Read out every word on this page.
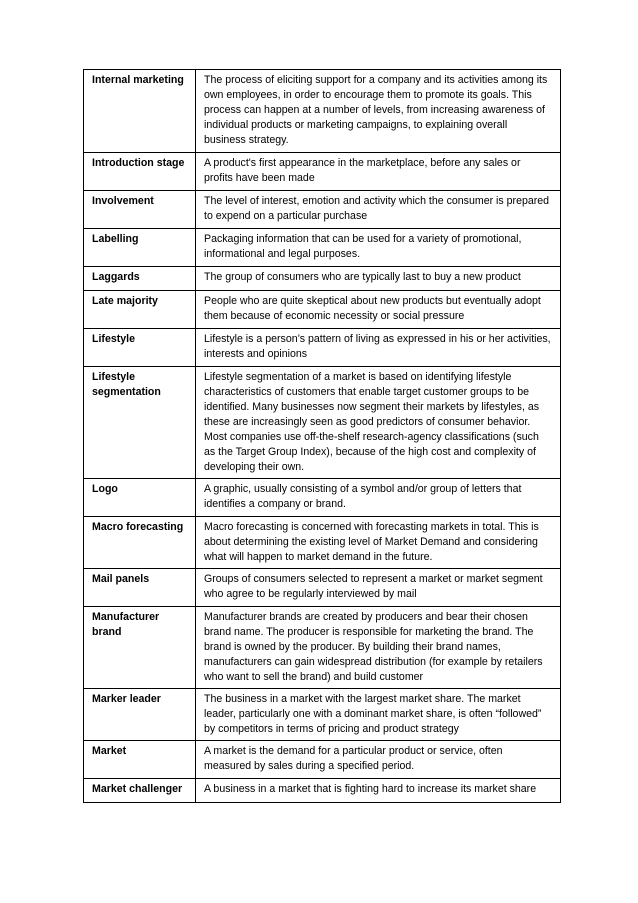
Internal marketing	The process of eliciting support for a company and its activities among its own employees, in order to encourage them to promote its goals. This process can happen at a number of levels, from increasing awareness of individual products or marketing campaigns, to explaining overall business strategy.
Introduction stage	A product's first appearance in the marketplace, before any sales or profits have been made
Involvement	The level of interest, emotion and activity which the consumer is prepared to expend on a particular purchase
Labelling	Packaging information that can be used for a variety of promotional, informational and legal purposes.
Laggards	The group of consumers who are typically last to buy a new product
Late majority	People who are quite skeptical about new products but eventually adopt them because of economic necessity or social pressure
Lifestyle	Lifestyle is a person’s pattern of living as expressed in his or her activities, interests and opinions
Lifestyle segmentation	Lifestyle segmentation of a market is based on identifying lifestyle characteristics of customers that enable target customer groups to be identified. Many businesses now segment their markets by lifestyles, as these are increasingly seen as good predictors of consumer behavior. Most companies use off-the-shelf research-agency classifications (such as the Target Group Index), because of the high cost and complexity of developing their own.
Logo	A graphic, usually consisting of a symbol and/or group of letters that identifies a company or brand.
Macro forecasting	Macro forecasting is concerned with forecasting markets in total. This is about determining the existing level of Market Demand and considering what will happen to market demand in the future.
Mail panels	Groups of consumers selected to represent a market or market segment who agree to be regularly interviewed by mail
Manufacturer brand	Manufacturer brands are created by producers and bear their chosen brand name. The producer is responsible for marketing the brand. The brand is owned by the producer. By building their brand names, manufacturers can gain widespread distribution (for example by retailers who want to sell the brand) and build customer
Marker leader	The business in a market with the largest market share. The market leader, particularly one with a dominant market share, is often “followed” by competitors in terms of pricing and product strategy
Market	A market is the demand for a particular product or service, often measured by sales during a specified period.
Market challenger	A business in a market that is fighting hard to increase its market share
